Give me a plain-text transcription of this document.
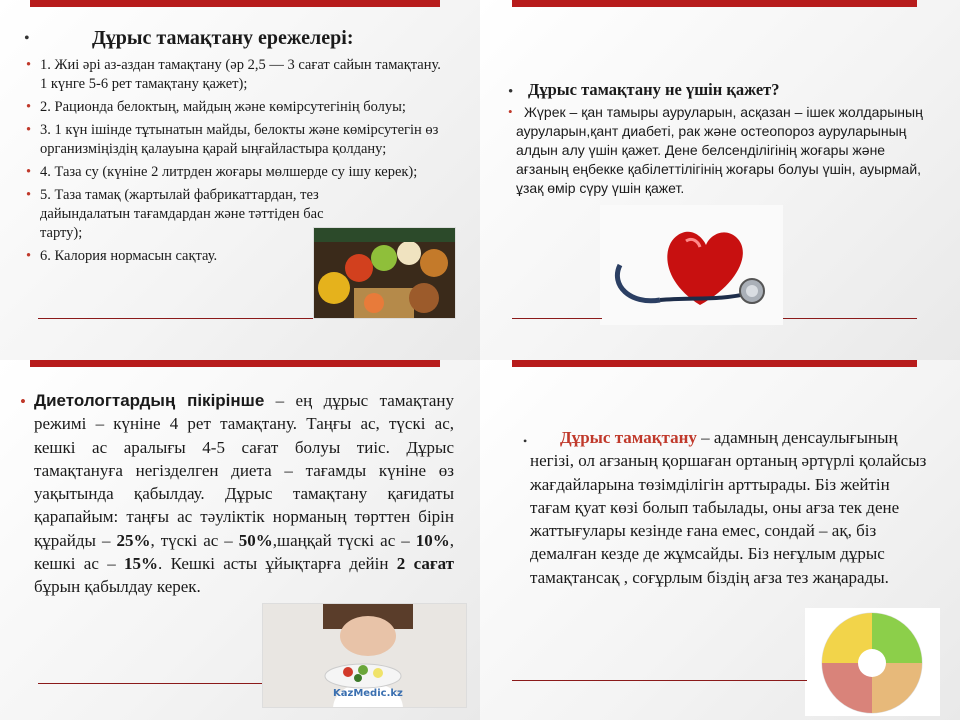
•	Дұрыс тамақтану ережелері:
• 1. Жиі әрі аз-аздан тамақтану (әр 2,5 — 3 сағат сайын тамақтану. 1 күнге 5-6 рет тамақтану қажет);
• 2. Рационда белоктың, майдың және көмірсутегінің болуы;
• 3. 1 күн ішінде тұтынатын майды, белокты және көмірсутегін өз организміңіздің қалауына қарай ыңғайластыра қолдану;
• 4. Таза су (күніне 2 литрден жоғары мөлшерде су ішу керек);
• 5. Таза тамақ (жартылай фабрикаттардан, тез дайындалатын тағамдардан және тәттіден бас тарту);
• 6. Калория нормасын сақтау.
• Дұрыс тамақтану не үшін қажет?
• Жүрек – қан тамыры ауруларын, асқазан – ішек жолдарының ауруларын,қант диабеті, рак және остеопороз ауруларының алдын алу үшін қажет. Дене белсенділігінің жоғары және ағзаның еңбекке қабілеттілігінің жоғары болуы үшін, ауырмай, ұзақ өмір сүру үшін қажет.
• Диетологтардың пікірінше – ең дұрыс тамақтану режимі – күніне 4 рет тамақтану. Таңғы ас, түскі ас, кешкі ас аралығы 4-5 сағат болуы тиіс. Дұрыс тамақтануға негізделген диета – тағамды күніне өз уақытында қабылдау. Дұрыс тамақтану қағидаты қарапайым: таңғы ас тәуліктік норманың төрттен бірін құрайды – 25%, түскі ас – 50%,шаңқай түскі ас – 10%, кешкі ас – 15%. Кешкі асты ұйықтарға дейін 2 сағат бұрын қабылдау керек.
KazMedic.kz
•	Дұрыс тамақтану – адамның денсаулығының негізі, ол ағзаның қоршаған ортаның әртүрлі қолайсыз жағдайларына төзімділігін арттырады. Біз жейтін тағам қуат көзі болып табылады, оны ағза тек дене жаттығулары кезінде ғана емес, сондай – ақ, біз демалған кезде де жұмсайды. Біз неғұлым дұрыс тамақтансақ , соғұрлым біздің ағза тез жаңарады.
